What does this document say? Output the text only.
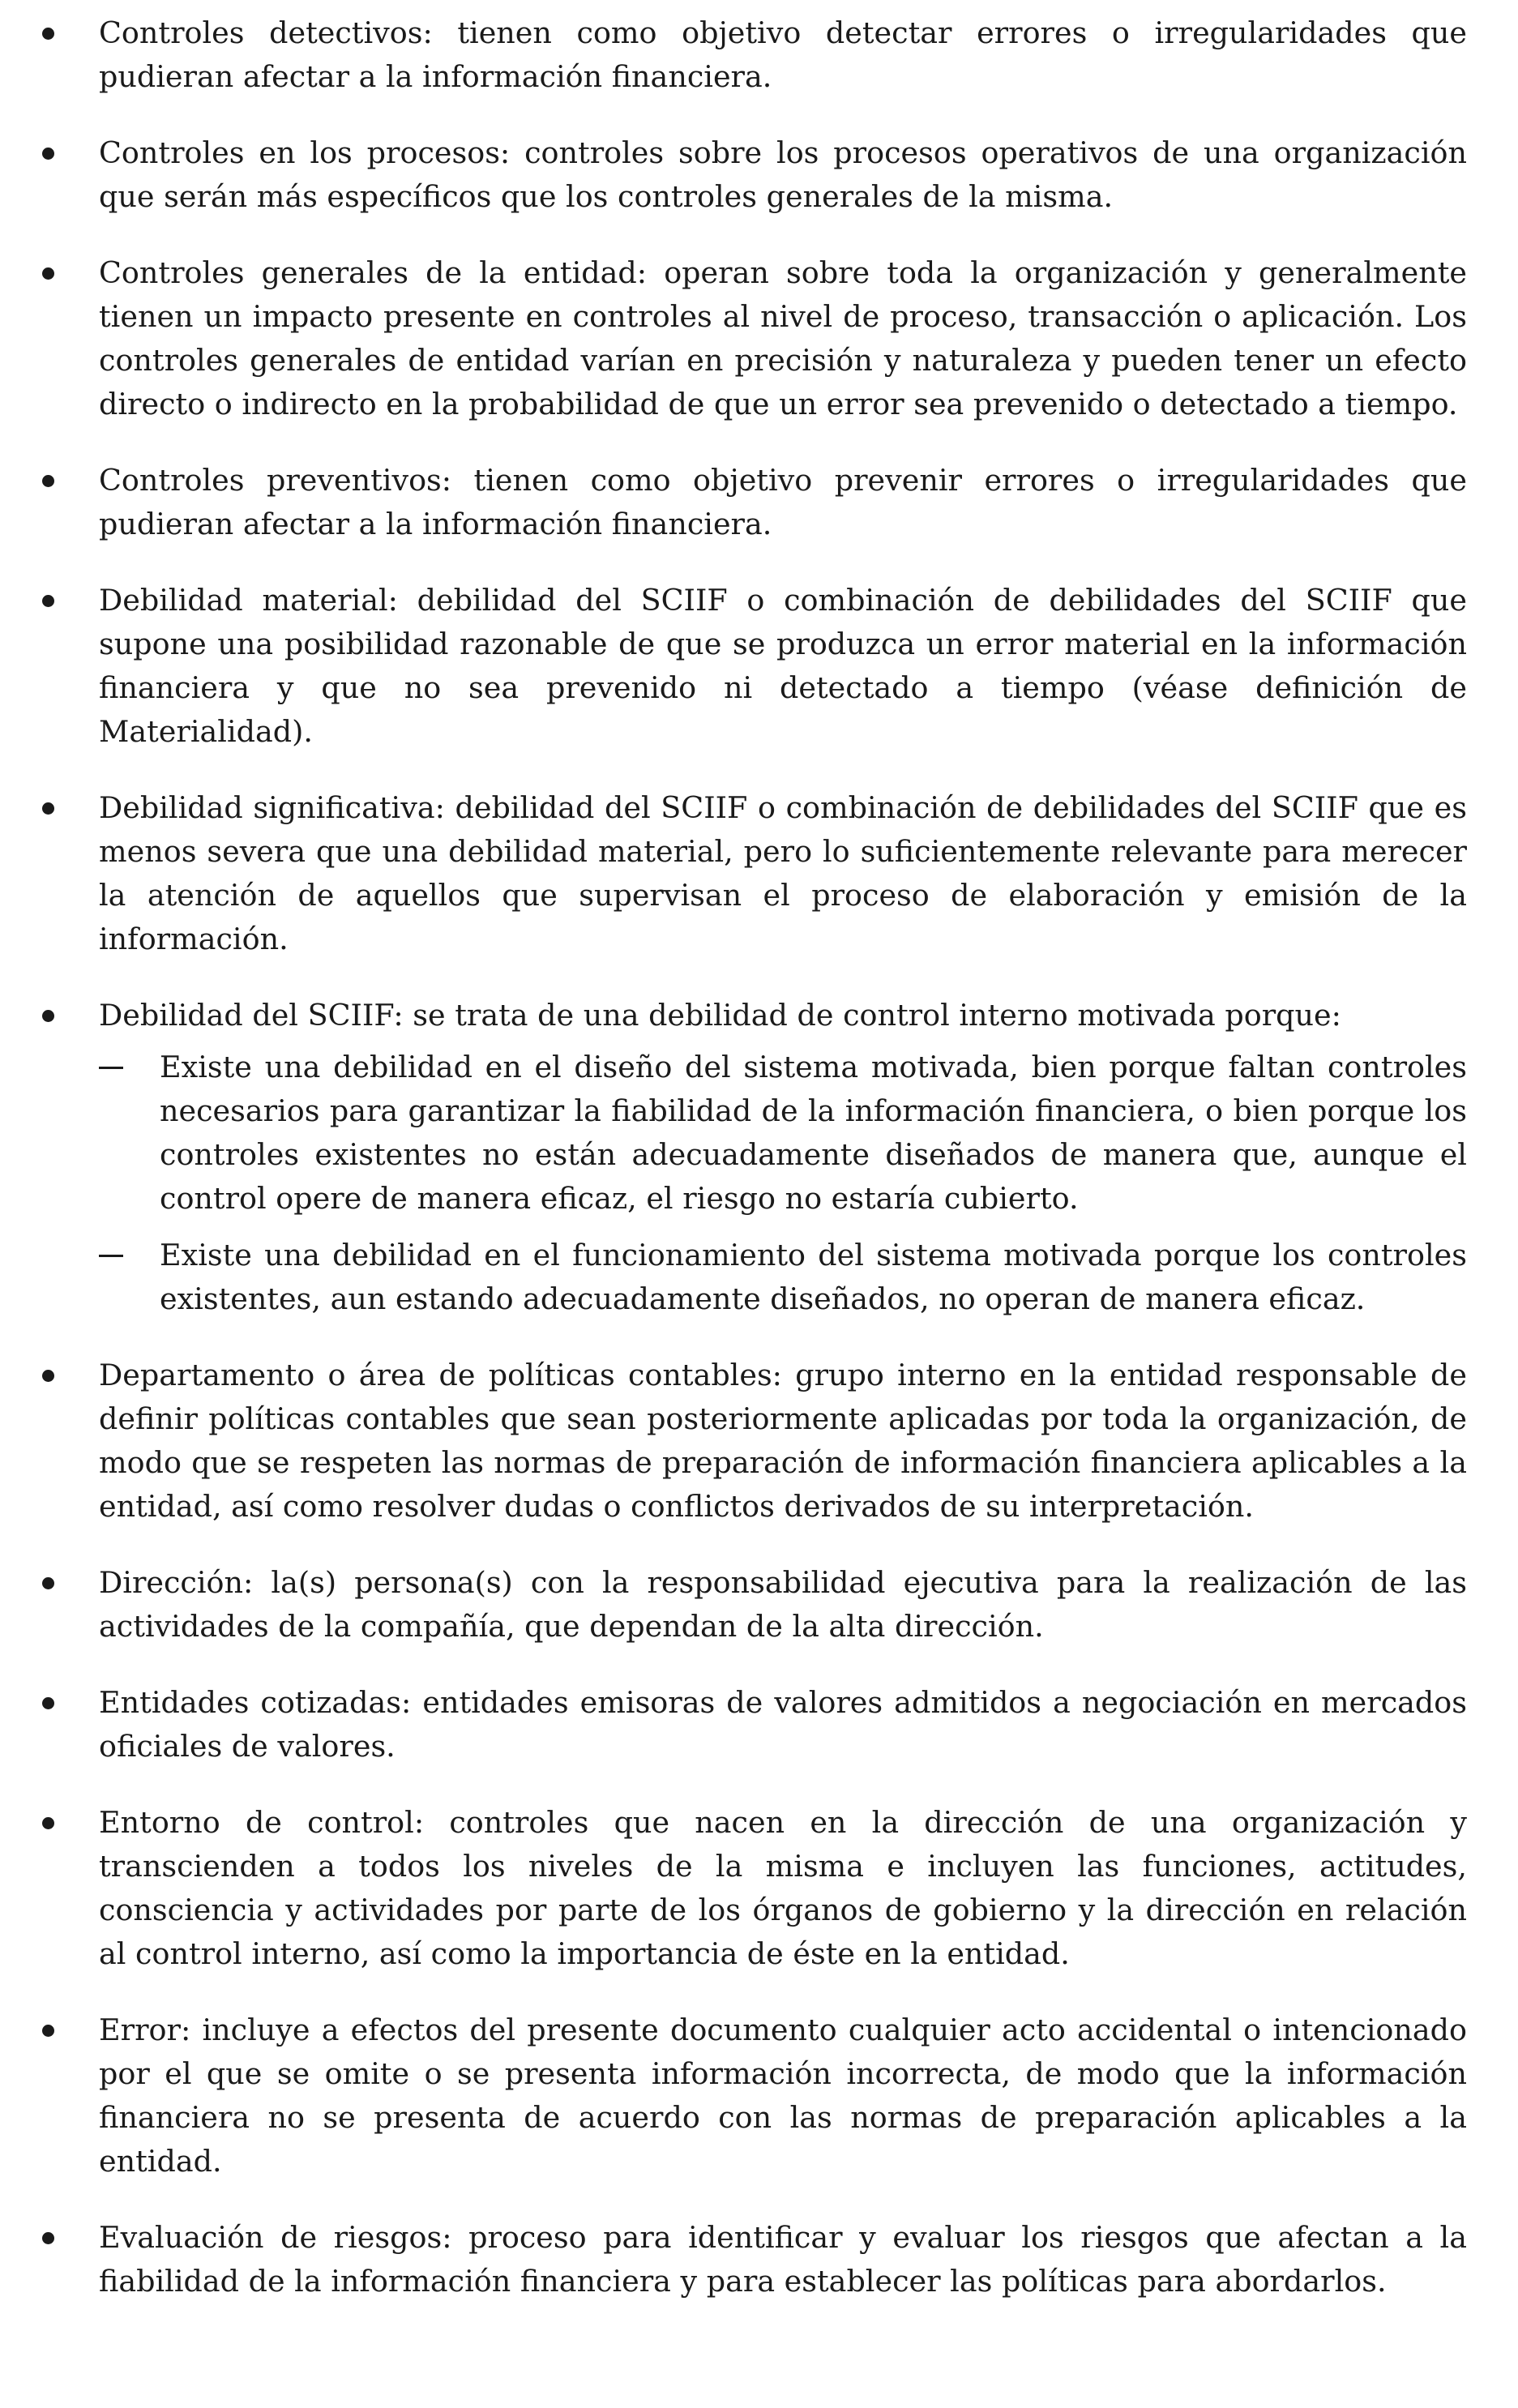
Controles detectivos: tienen como objetivo detectar errores o irregularidades que pudieran afectar a la información financiera.
Controles en los procesos: controles sobre los procesos operativos de una organización que serán más específicos que los controles generales de la misma.
Controles generales de la entidad: operan sobre toda la organización y generalmente tienen un impacto presente en controles al nivel de proceso, transacción o aplicación. Los controles generales de entidad varían en precisión y naturaleza y pueden tener un efecto directo o indirecto en la probabilidad de que un error sea prevenido o detectado a tiempo.
Controles preventivos: tienen como objetivo prevenir errores o irregularidades que pudieran afectar a la información financiera.
Debilidad material: debilidad del SCIIF o combinación de debilidades del SCIIF que supone una posibilidad razonable de que se produzca un error material en la información financiera y que no sea prevenido ni detectado a tiempo (véase definición de Materialidad).
Debilidad significativa: debilidad del SCIIF o combinación de debilidades del SCIIF que es menos severa que una debilidad material, pero lo suficientemente relevante para merecer la atención de aquellos que supervisan el proceso de elaboración y emisión de la información.
Debilidad del SCIIF: se trata de una debilidad de control interno motivada porque:
Existe una debilidad en el diseño del sistema motivada, bien porque faltan controles necesarios para garantizar la fiabilidad de la información financiera, o bien porque los controles existentes no están adecuadamente diseñados de manera que, aunque el control opere de manera eficaz, el riesgo no estaría cubierto.
Existe una debilidad en el funcionamiento del sistema motivada porque los controles existentes, aun estando adecuadamente diseñados, no operan de manera eficaz.
Departamento o área de políticas contables: grupo interno en la entidad responsable de definir políticas contables que sean posteriormente aplicadas por toda la organización, de modo que se respeten las normas de preparación de información financiera aplicables a la entidad, así como resolver dudas o conflictos derivados de su interpretación.
Dirección: la(s) persona(s) con la responsabilidad ejecutiva para la realización de las actividades de la compañía, que dependan de la alta dirección.
Entidades cotizadas: entidades emisoras de valores admitidos a negociación en mercados oficiales de valores.
Entorno de control: controles que nacen en la dirección de una organización y transcienden a todos los niveles de la misma e incluyen las funciones, actitudes, consciencia y actividades por parte de los órganos de gobierno y la dirección en relación al control interno, así como la importancia de éste en la entidad.
Error: incluye a efectos del presente documento cualquier acto accidental o intencionado por el que se omite o se presenta información incorrecta, de modo que la información financiera no se presenta de acuerdo con las normas de preparación aplicables a la entidad.
Evaluación de riesgos: proceso para identificar y evaluar los riesgos que afectan a la fiabilidad de la información financiera y para establecer las políticas para abordarlos.
